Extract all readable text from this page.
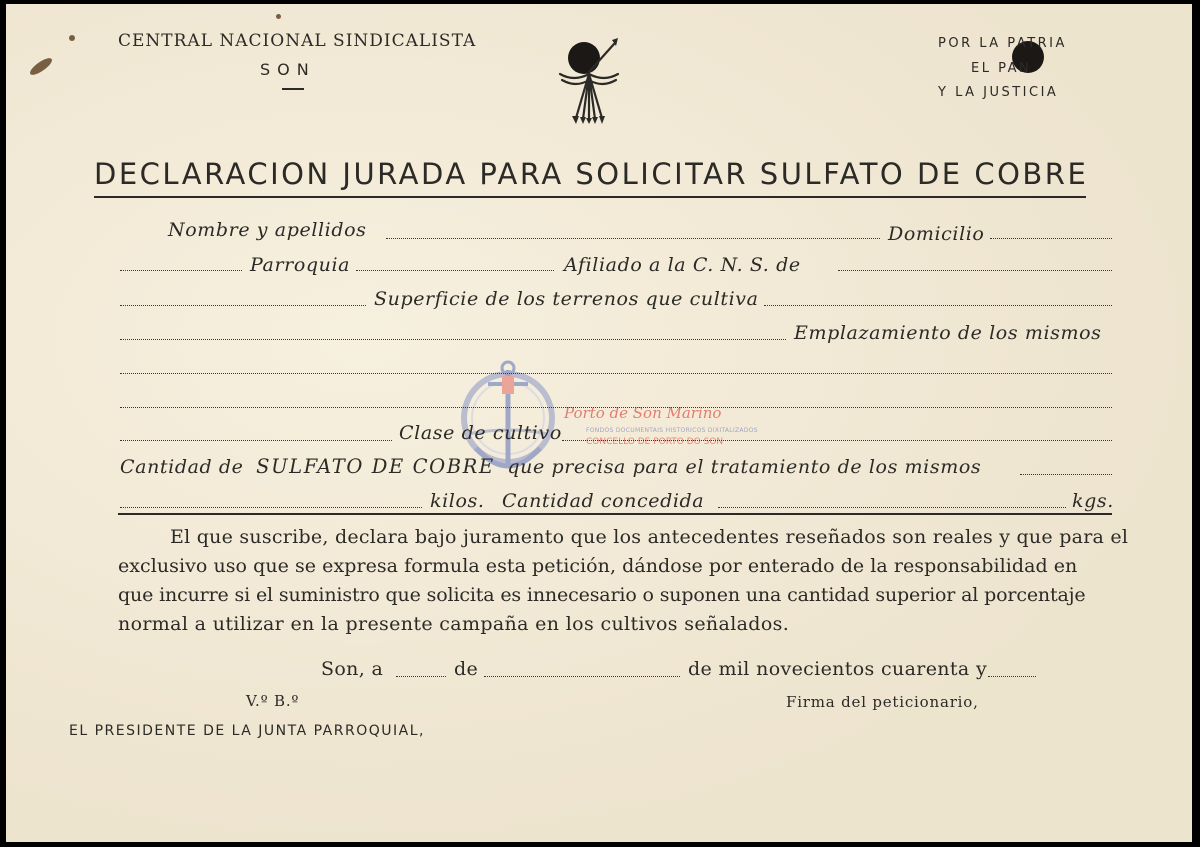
CENTRAL NACIONAL SINDICALISTA
SON
POR LA PATRIA
EL PAN
Y LA JUSTICIA
DECLARACION JURADA PARA SOLICITAR SULFATO DE COBRE
Porto de Son Marino
FONDOS DOCUMENTAIS HISTÓRICOS DIXITALIZADOS
CONCELLO DE PORTO DO SON
Nombre y apellidos	Domicilio
Parroquia	Afiliado a la C. N. S. de
Superficie de los terrenos que cultiva
Emplazamiento de los mismos
Clase de cultivo
Cantidad de SULFATO DE COBRE que precisa para el tratamiento de los mismos
kilos. Cantidad concedida	kgs.
El que suscribe, declara bajo juramento que los antecedentes reseñados son reales y que para el
exclusivo uso que se expresa formula esta petición, dándose por enterado de la responsabilidad en
que incurre si el suministro que solicita es innecesario o suponen una cantidad superior al porcentaje
normal a utilizar en la presente campaña en los cultivos señalados.
Son, a	de	de mil novecientos cuarenta y
V.º B.º	Firma del peticionario,
EL PRESIDENTE DE LA JUNTA PARROQUIAL,
